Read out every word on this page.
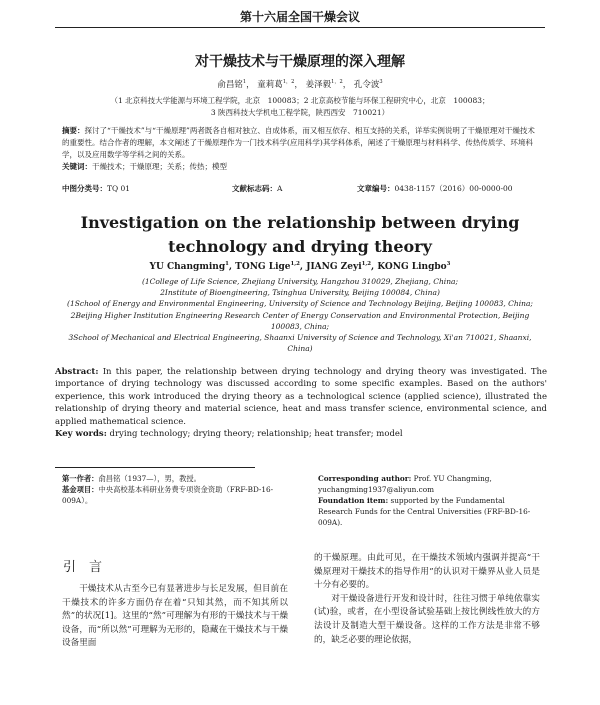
第十六届全国干燥会议
对干燥技术与干燥原理的深入理解
俞昌铭$^1$， 童莉葛$^{1,2}$， 姜泽毅$^{1,2}$， 孔令波$^3$
（1 北京科技大学能源与环境工程学院，北京　100083；2 北京高校节能与环保工程研究中心，北京　100083；
3 陕西科技大学机电工程学院，陕西西安　710021）

摘要：探讨了“干燥技术”与“干燥原理”两者既各自相对独立、自成体系，而又相互依存、相互支持的关系，详举实例说明了干燥原理对干燥技术的重要性。结合作者的理解，本文阐述了干燥原理作为一门技术科学(应用科学)其学科体系，阐述了干燥原理与材料科学、传热传质学、环境科学，以及应用数学等学科之间的关系。

关键词：干燥技术；干燥原理；关系；传热；模型

中图分类号：TQ 01	文献标志码：A	文章编号：0438-1157（2016）00-0000-00
Investigation on the relationship between drying technology and drying theory
YU Changming$^1$, TONG Lige$^{1,2}$, JIANG Zeyi$^{1,2}$, KONG Lingbo$^3$
(1College of Life Science, Zhejiang University, Hangzhou 310029, Zhejiang, China;
2Institute of Bioengineering, Tsinghua University, Beijing 100084, China)
(1School of Energy and Environmental Engineering, University of Science and Technology Beijing, Beijing 100083, China;
2Beijing Higher Institution Engineering Research Center of Energy Conservation and Environmental Protection, Beijing 100083, China;
3School of Mechanical and Electrical Engineering, Shaanxi University of Science and Technology, Xi'an 710021, Shaanxi, China)

Abstract: In this paper, the relationship between drying technology and drying theory was investigated. The importance of drying technology was discussed according to some specific examples. Based on the authors' experience, this work introduced the drying theory as a technological science (applied science), illustrated the relationship of drying theory and material science, heat and mass transfer science, environmental science, and applied mathematical science.

Key words: drying technology; drying theory; relationship; heat transfer; model

第一作者：俞昌铭（1937—），男，教授。

基金项目：中央高校基本科研业务费专项资金资助（FRF-BD-16-009A）。

Corresponding author: Prof. YU Changming, yuchangming1937@aliyun.com

Foundation item: supported by the Fundamental Research Funds for the Central Universities (FRF-BD-16-009A).

引　言

干燥技术从古至今已有显著进步与长足发展，但目前在干燥技术的许多方面仍存在着“只知其然，而不知其所以然”的状况[1]。这里的“然”可理解为有形的干燥技术与干燥设备，而“所以然”可理解为无形的，隐藏在干燥技术与干燥设备里面

的干燥原理。由此可见，在干燥技术领域内强调并提高“干燥原理对干燥技术的指导作用”的认识对干燥界从业人员是十分有必要的。

对干燥设备进行开发和设计时，往往习惯于单纯依靠实(试)验，或者，在小型设备试验基础上按比例线性放大的方法设计及制造大型干燥设备。这样的工作方法是非常不够的，缺乏必要的理论依据，
